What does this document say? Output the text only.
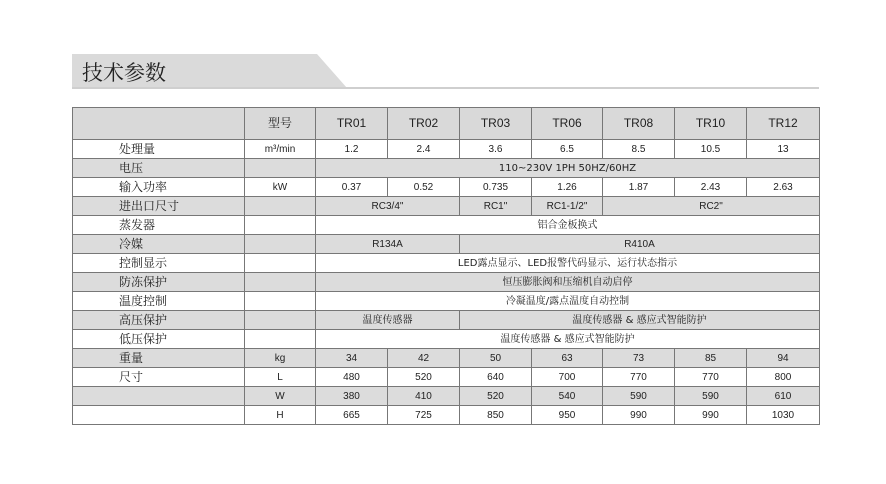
技术参数
	型号	TR01	TR02	TR03	TR06	TR08	TR10	TR12
处理量	m³/min	1.2	2.4	3.6	6.5	8.5	10.5	13
电压		110~230V 1PH 50HZ/60HZ						
输入功率	kW	0.37	0.52	0.735	1.26	1.87	2.43	2.63
进出口尺寸		RC3/4"		RC1"	RC1-1/2"	RC2"		
蒸发器		铝合金板换式						
冷媒		R134A		R410A				
控制显示		LED露点显示、LED报警代码显示、运行状态指示						
防冻保护		恒压膨胀阀和压缩机自动启停						
温度控制		冷凝温度/露点温度自动控制						
高压保护		温度传感器		温度传感器 & 感应式智能防护				
低压保护		温度传感器 & 感应式智能防护						
重量	kg	34	42	50	63	73	85	94
尺寸	L	480	520	640	700	770	770	800
	W	380	410	520	540	590	590	610
	H	665	725	850	950	990	990	1030
